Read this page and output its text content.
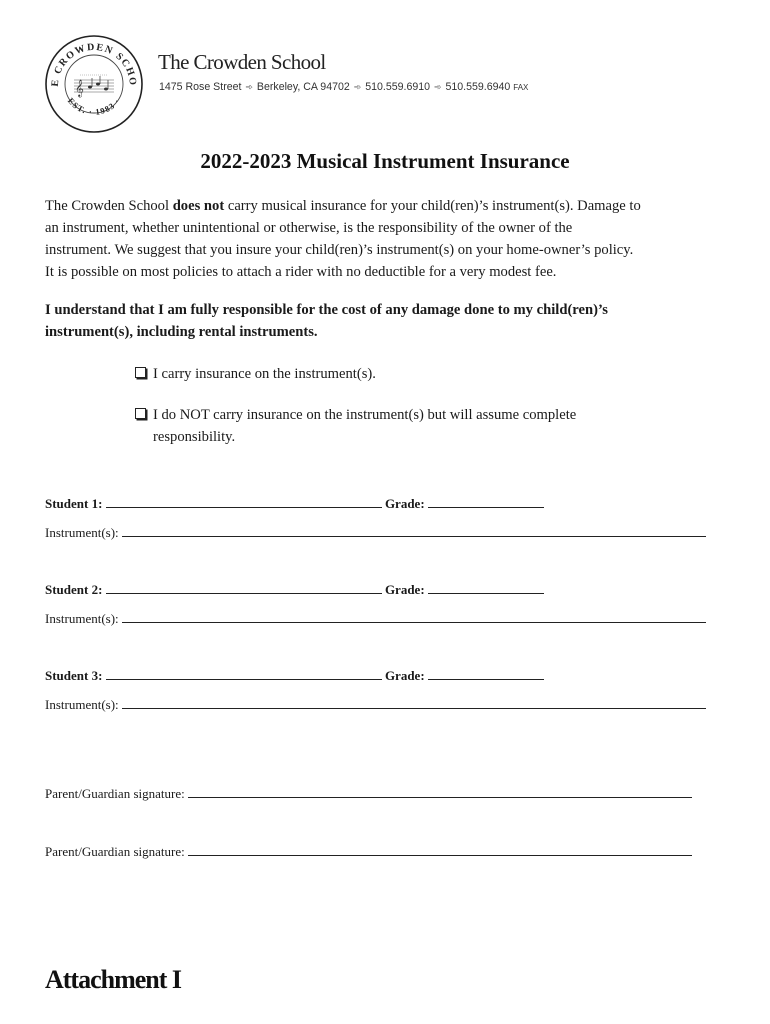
E CROWDEN SCHO
EST. · 1983 ·
𝄞
The Crowden School
1475 Rose Street ➾ Berkeley, CA 94702 ➾ 510.559.6910 ➾ 510.559.6940 FAX
2022-2023 Musical Instrument Insurance
The Crowden School does not carry musical insurance for your child(ren)’s instrument(s). Damage to
an instrument, whether unintentional or otherwise, is the responsibility of the owner of the
instrument. We suggest that you insure your child(ren)’s instrument(s) on your home-owner’s policy.
It is possible on most policies to attach a rider with no deductible for a very modest fee.
I understand that I am fully responsible for the cost of any damage done to my child(ren)’s
instrument(s), including rental instruments.
I carry insurance on the instrument(s).
I do NOT carry insurance on the instrument(s) but will assume complete
responsibility.
Student 1:	Grade:
Instrument(s):
Student 2:	Grade:
Instrument(s):
Student 3:	Grade:
Instrument(s):
Parent/Guardian signature:
Parent/Guardian signature:
Attachment I
